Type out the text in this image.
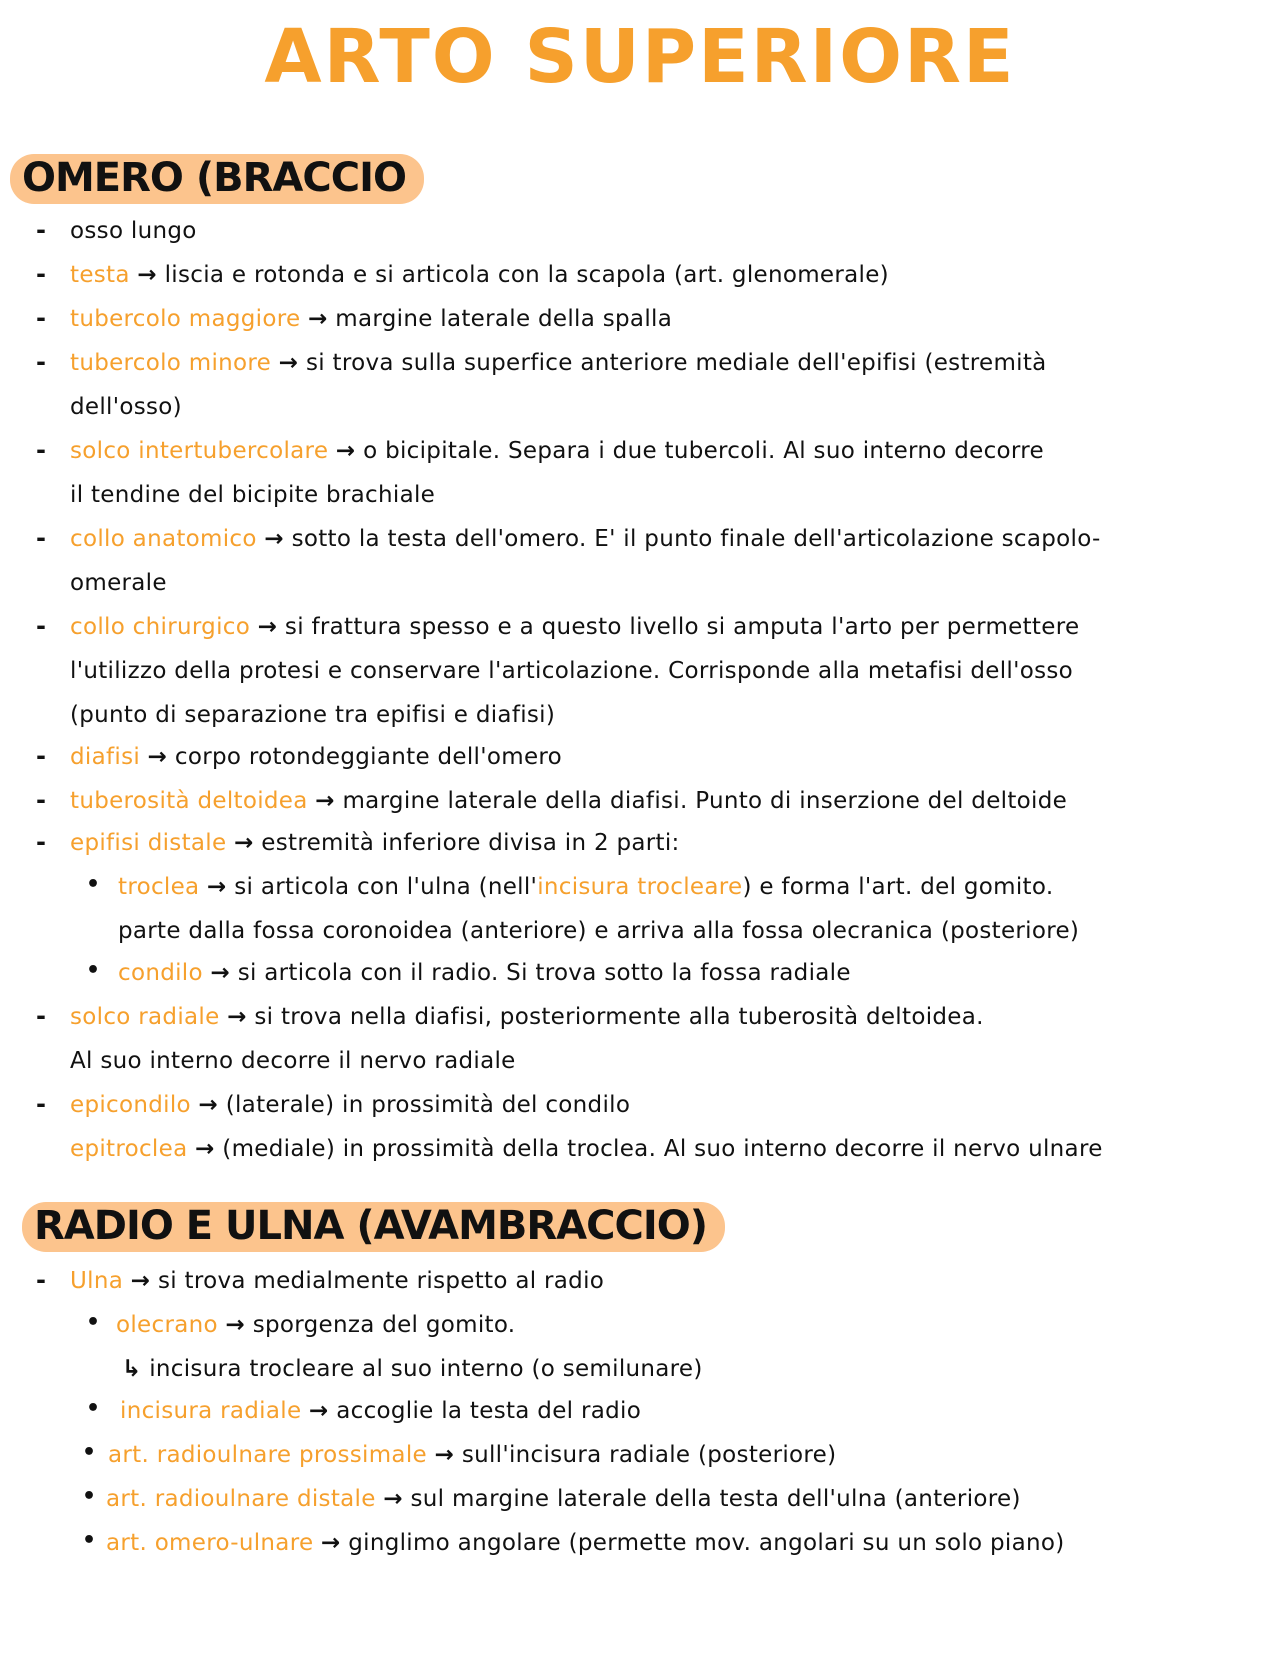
ARTO SUPERIORE
OMERO (BRACCIO
- osso lungo
- testa → liscia e rotonda e si articola con la scapola (art. glenomerale)
- tubercolo maggiore → margine laterale della spalla
- tubercolo minore → si trova sulla superfice anteriore mediale dell'epifisi (estremità
dell'osso)
- solco intertubercolare → o bicipitale. Separa i due tubercoli. Al suo interno decorre
il tendine del bicipite brachiale
- collo anatomico → sotto la testa dell'omero. E' il punto finale dell'articolazione scapolo-
omerale
- collo chirurgico → si frattura spesso e a questo livello si amputa l'arto per permettere
l'utilizzo della protesi e conservare l'articolazione. Corrisponde alla metafisi dell'osso
(punto di separazione tra epifisi e diafisi)
- diafisi → corpo rotondeggiante dell'omero
- tuberosità deltoidea → margine laterale della diafisi. Punto di inserzione del deltoide
- epifisi distale → estremità inferiore divisa in 2 parti:
• troclea → si articola con l'ulna (nell'incisura trocleare) e forma l'art. del gomito.
parte dalla fossa coronoidea (anteriore) e arriva alla fossa olecranica (posteriore)
• condilo → si articola con il radio. Si trova sotto la fossa radiale
- solco radiale → si trova nella diafisi, posteriormente alla tuberosità deltoidea.
Al suo interno decorre il nervo radiale
- epicondilo → (laterale) in prossimità del condilo
epitroclea → (mediale) in prossimità della troclea. Al suo interno decorre il nervo ulnare
RADIO E ULNA (AVAMBRACCIO)
- Ulna → si trova medialmente rispetto al radio
• olecrano → sporgenza del gomito.
↳ incisura trocleare al suo interno (o semilunare)
• incisura radiale → accoglie la testa del radio
• art. radioulnare prossimale → sull'incisura radiale (posteriore)
• art. radioulnare distale → sul margine laterale della testa dell'ulna (anteriore)
• art. omero-ulnare → ginglimo angolare (permette mov. angolari su un solo piano)
